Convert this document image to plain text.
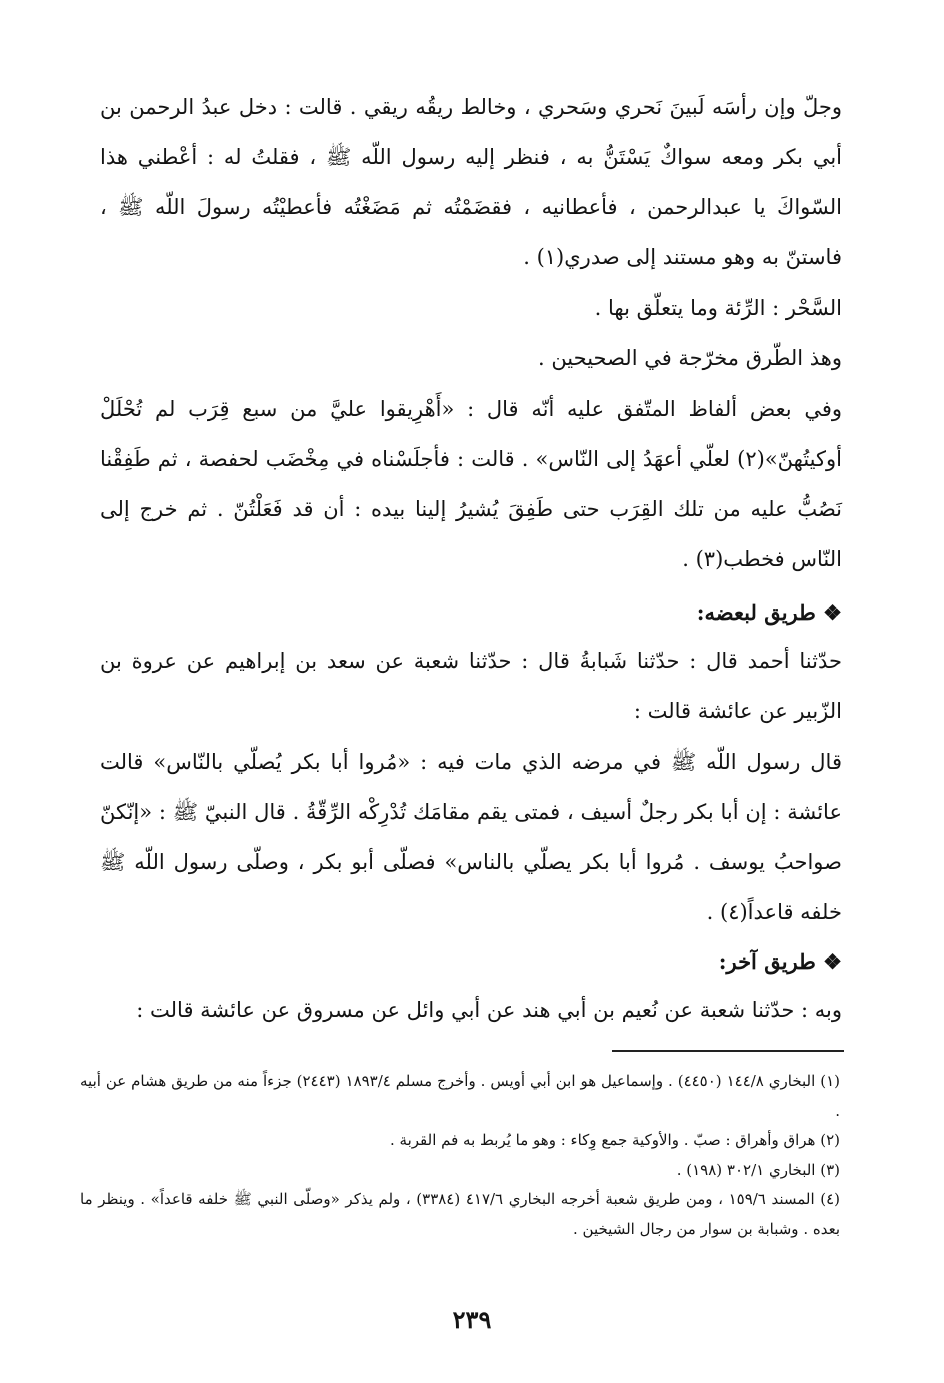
وجلّ وإن رأسَه لَبينَ نَحري وسَحري ، وخالط ريقُه ريقي . قالت : دخل عبدُ الرحمن بن أبي بكر ومعه سواكٌ يَسْتَنُّ به ، فنظر إليه رسول اللّه ﷺ ، فقلتُ له : أعْطني هذا السّواكَ يا عبدالرحمن ، فأعطانيه ، فقضَمْتُه ثم مَضَغْتُه فأعطيْتُه رسولَ اللّه ﷺ ، فاستنّ به وهو مستند إلى صدري(١) .

السَّحْر : الرِّئة وما يتعلّق بها .

وهذ الطّرق مخرّجة في الصحيحين .

وفي بعض ألفاظ المتّفق عليه أنّه قال : «أَهْرِيقوا عليَّ من سبع قِرَب لم تُحْلَلْ أوكيتُهنّ»(٢) لعلّي أعهَدُ إلى النّاس» . قالت : فأجلَسْناه في مِخْضَب لحفصة ، ثم طَفِقْنا نَصُبُّ عليه من تلك القِرَب حتى طَفِقَ يُشيرُ إلينا بيده : أن قد فَعَلْتُنّ . ثم خرج إلى النّاس فخطب(٣) .

❖ طريق لبعضه:

حدّثنا أحمد قال : حدّثنا شَبابةُ قال : حدّثنا شعبة عن سعد بن إبراهيم عن عروة بن الزّبير عن عائشة قالت :

قال رسول اللّه ﷺ في مرضه الذي مات فيه : «مُروا أبا بكر يُصلّي بالنّاس» قالت عائشة : إن أبا بكر رجلٌ أسيف ، فمتى يقم مقامَك تُدْرِكْه الرِّقّةُ . قال النبيّ ﷺ : «إنّكنّ صواحبُ يوسف . مُروا أبا بكر يصلّي بالناس» فصلّى أبو بكر ، وصلّى رسول اللّه ﷺ خلفه قاعداً(٤) .

❖ طريق آخر:

وبه : حدّثنا شعبة عن نُعيم بن أبي هند عن أبي وائل عن مسروق عن عائشة قالت :

(١) البخاري ١٤٤/٨ (٤٤٥٠) . وإسماعيل هو ابن أبي أويس . وأخرج مسلم ١٨٩٣/٤ (٢٤٤٣) جزءاً منه من طريق هشام عن أبيه .

(٢) هراق وأهراق : صبّ . والأوكية جمع وِكاء : وهو ما يُربط به فم القربة .

(٣) البخاري ٣٠٢/١ (١٩٨) .

(٤) المسند ١٥٩/٦ ، ومن طريق شعبة أخرجه البخاري ٤١٧/٦ (٣٣٨٤) ، ولم يذكر «وصلّى النبي ﷺ خلفه قاعداً» . وينظر ما بعده . وشبابة بن سوار من رجال الشيخين .

٢٣٩
